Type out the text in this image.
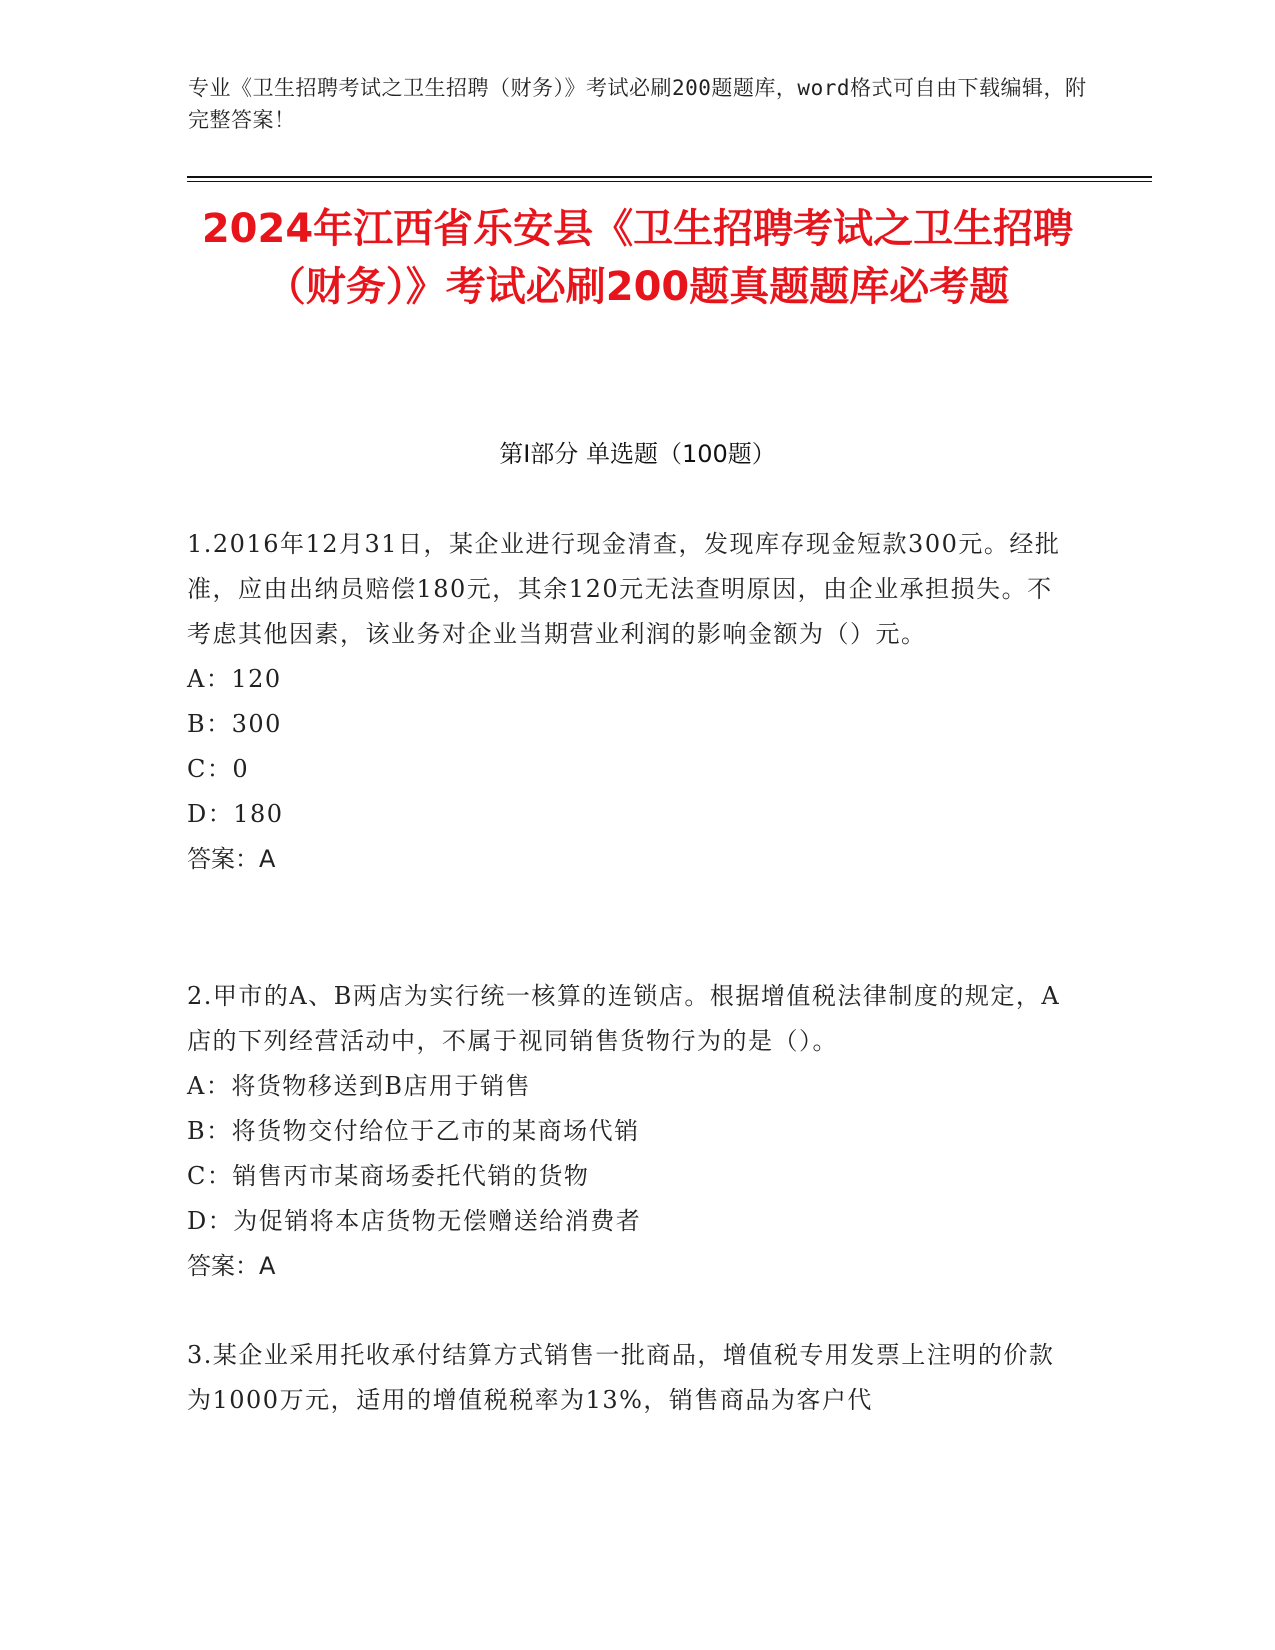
专业《卫生招聘考试之卫生招聘（财务）》考试必刷200题题库，word格式可自由下载编辑，附完整答案！
2024年江西省乐安县《卫生招聘考试之卫生招聘（财务）》考试必刷200题真题题库必考题
第Ⅰ部分 单选题（100题）

1.2016年12月31日，某企业进行现金清查，发现库存现金短款300元。经批准，应由出纳员赔偿180元，其余120元无法查明原因，由企业承担损失。不考虑其他因素，该业务对企业当期营业利润的影响金额为（）元。

A：120

B：300

C：0

D：180

答案：A

2.甲市的A、B两店为实行统一核算的连锁店。根据增值税法律制度的规定，A店的下列经营活动中，不属于视同销售货物行为的是（）。

A：将货物移送到B店用于销售

B：将货物交付给位于乙市的某商场代销

C：销售丙市某商场委托代销的货物

D：为促销将本店货物无偿赠送给消费者

答案：A

3.某企业采用托收承付结算方式销售一批商品，增值税专用发票上注明的价款为1000万元，适用的增值税税率为13%，销售商品为客户代
